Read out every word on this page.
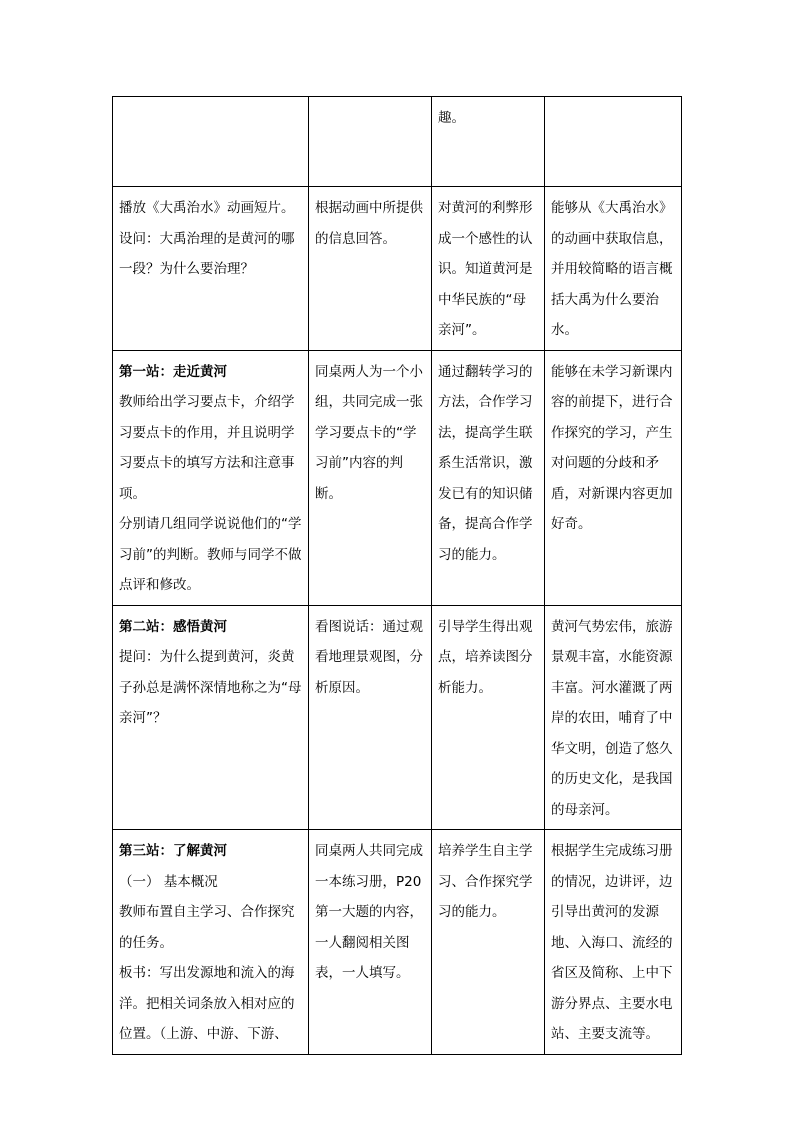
		趣。	

播放《大禹治水》动画短片。
设问：大禹治理的是黄河的哪一段？为什么要治理？	根据动画中所提供的信息回答。	对黄河的利弊形成一个感性的认识。知道黄河是中华民族的“母亲河”。	能够从《大禹治水》的动画中获取信息，并用较简略的语言概括大禹为什么要治水。

第一站：走近黄河
教师给出学习要点卡，介绍学习要点卡的作用，并且说明学习要点卡的填写方法和注意事项。
分别请几组同学说说他们的“学习前”的判断。教师与同学不做点评和修改。	同桌两人为一个小组，共同完成一张学习要点卡的“学习前”内容的判断。	通过翻转学习的方法，合作学习法，提高学生联系生活常识，激发已有的知识储备，提高合作学习的能力。	能够在未学习新课内容的前提下，进行合作探究的学习，产生对问题的分歧和矛盾，对新课内容更加好奇。

第二站：感悟黄河
提问：为什么提到黄河，炎黄子孙总是满怀深情地称之为“母亲河”？	看图说话：通过观看地理景观图，分析原因。	引导学生得出观点，培养读图分析能力。	黄河气势宏伟，旅游景观丰富，水能资源丰富。河水灌溉了两岸的农田，哺育了中华文明，创造了悠久的历史文化，是我国的母亲河。

第三站：了解黄河
（一） 基本概况
教师布置自主学习、合作探究的任务。
板书：写出发源地和流入的海洋。把相关词条放入相对应的位置。（上游、中游、下游、	同桌两人共同完成一本练习册，P20第一大题的内容，一人翻阅相关图表，一人填写。	培养学生自主学习、合作探究学习的能力。	根据学生完成练习册的情况，边讲评，边引导出黄河的发源地、入海口、流经的省区及简称、上中下游分界点、主要水电站、主要支流等。
